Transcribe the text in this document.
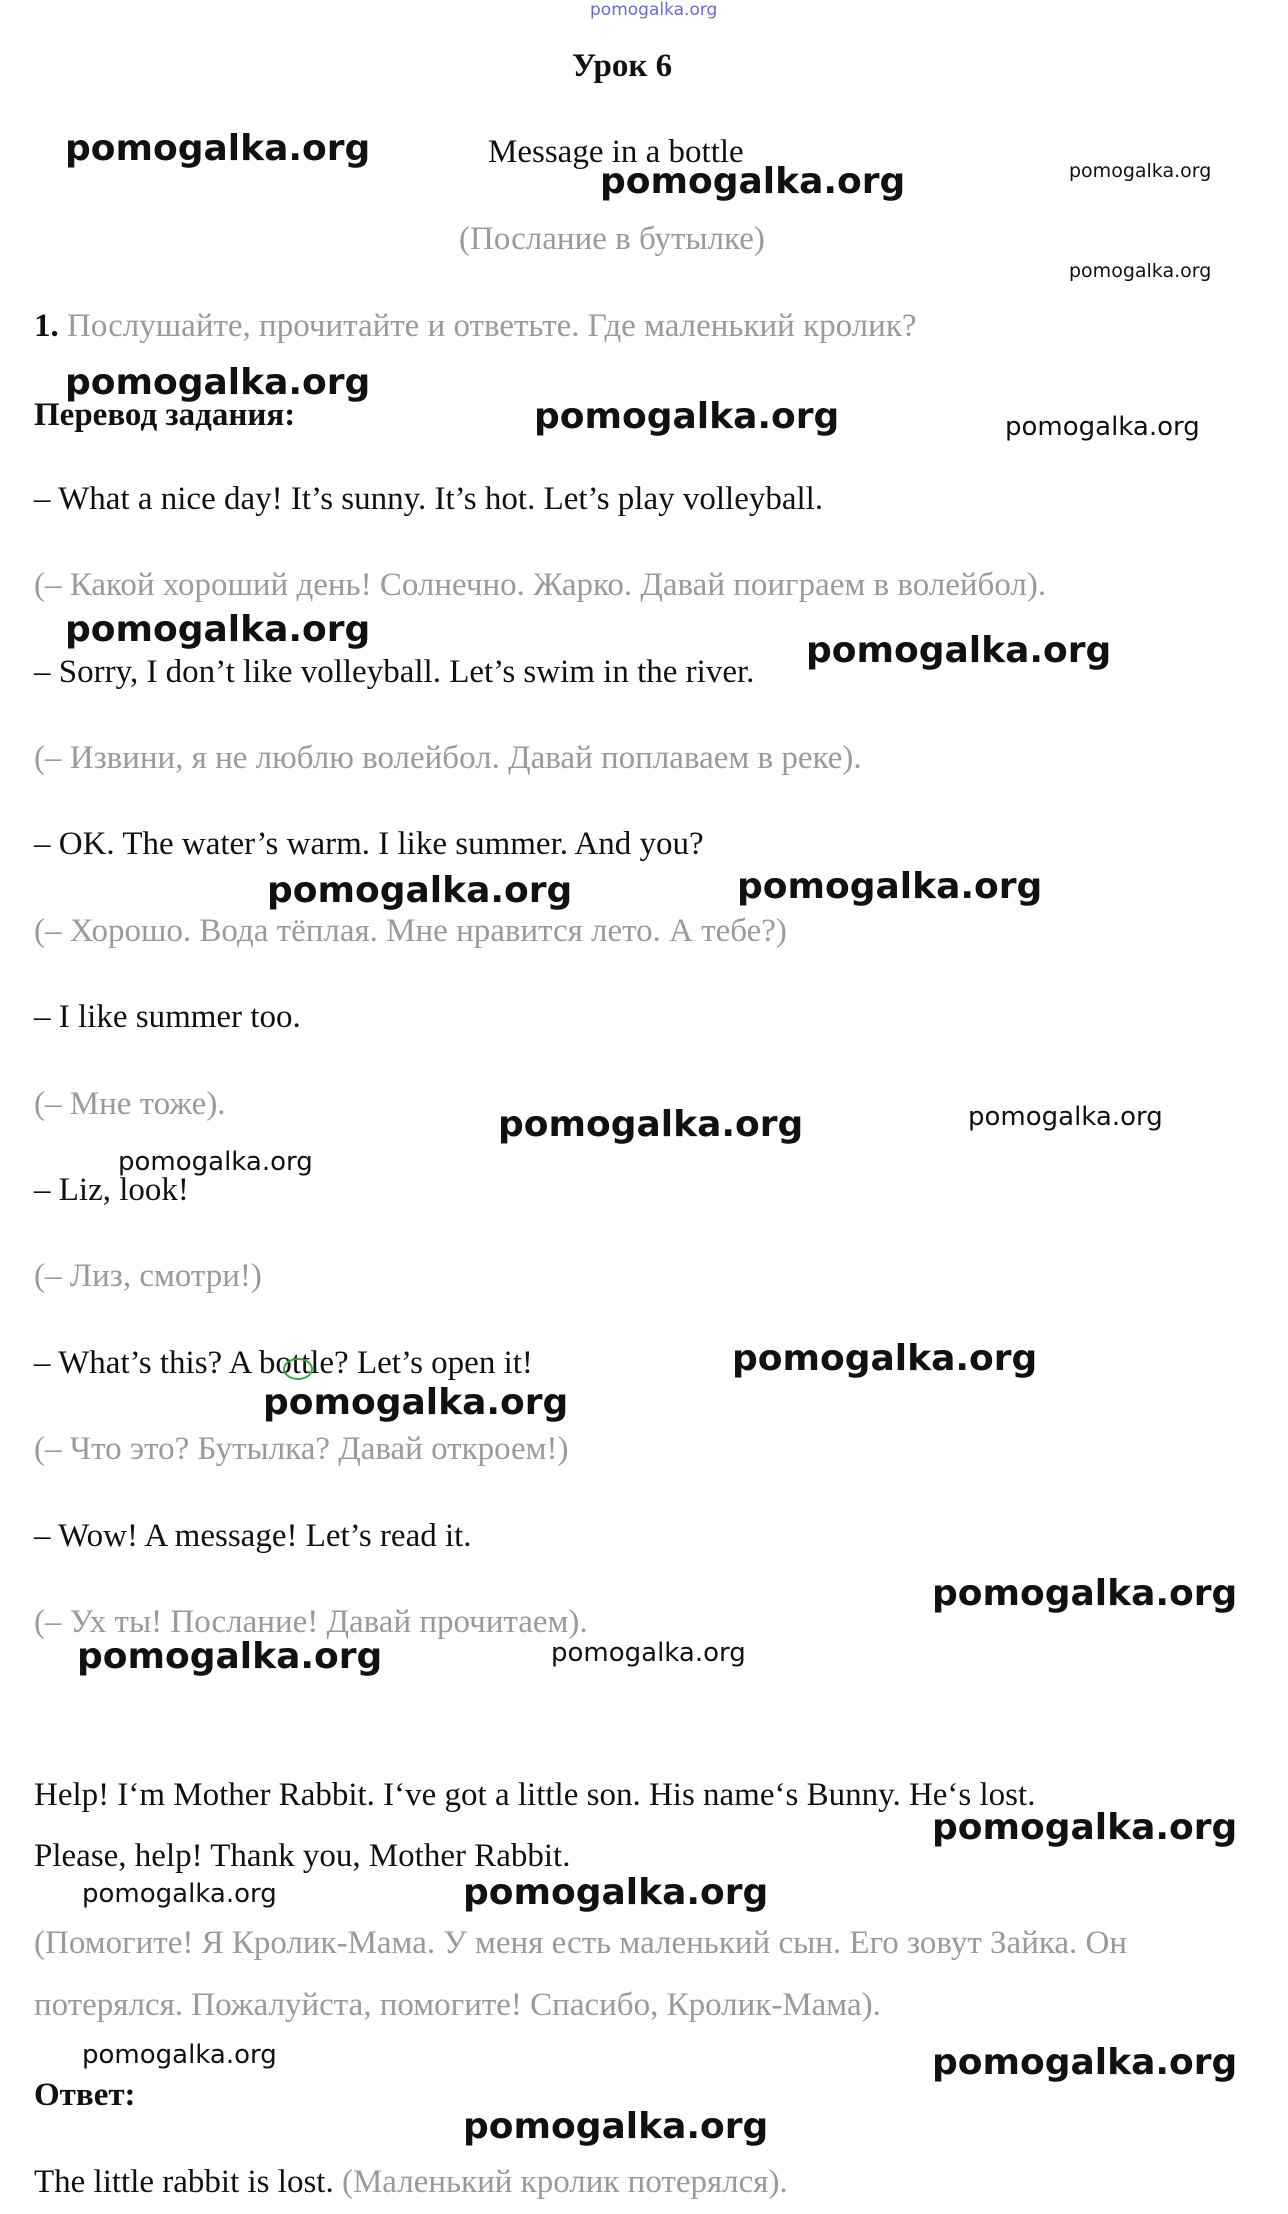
pomogalka.org
Урок 6
Message in a bottle
(Послание в бутылке)
1. Послушайте, прочитайте и ответьте. Где маленький кролик?
Перевод задания:
– What a nice day! It’s sunny. It’s hot. Let’s play volleyball.
(– Какой хороший день! Солнечно. Жарко. Давай поиграем в волейбол).
– Sorry, I don’t like volleyball. Let’s swim in the river.
(– Извини, я не люблю волейбол. Давай поплаваем в реке).
– OK. The water’s warm. I like summer. And you?
(– Хорошо. Вода тёплая. Мне нравится лето. А тебе?)
– I like summer too.
(– Мне тоже).
– Liz, look!
(– Лиз, смотри!)
– What’s this? A bottle? Let’s open it!
(– Что это? Бутылка? Давай откроем!)
– Wow! A message! Let’s read it.
(– Ух ты! Послание! Давай прочитаем).
Help! I‘m Mother Rabbit. I‘ve got a little son. His name‘s Bunny. He‘s lost.
Please, help! Thank you, Mother Rabbit.
(Помогите! Я Кролик-Мама. У меня есть маленький сын. Его зовут Зайка. Он
потерялся. Пожалуйста, помогите! Спасибо, Кролик-Мама).
Ответ:
The little rabbit is lost. (Маленький кролик потерялся).
pomogalka.org
pomogalka.org	pomogalka.org
pomogalka.org
pomogalka.org
pomogalka.org	pomogalka.org
pomogalka.org
pomogalka.org
pomogalka.org	pomogalka.org
pomogalka.org	pomogalka.org
pomogalka.org
pomogalka.org
pomogalka.org
pomogalka.org
pomogalka.org	pomogalka.org
pomogalka.org
pomogalka.org	pomogalka.org
pomogalka.org	pomogalka.org
pomogalka.org
